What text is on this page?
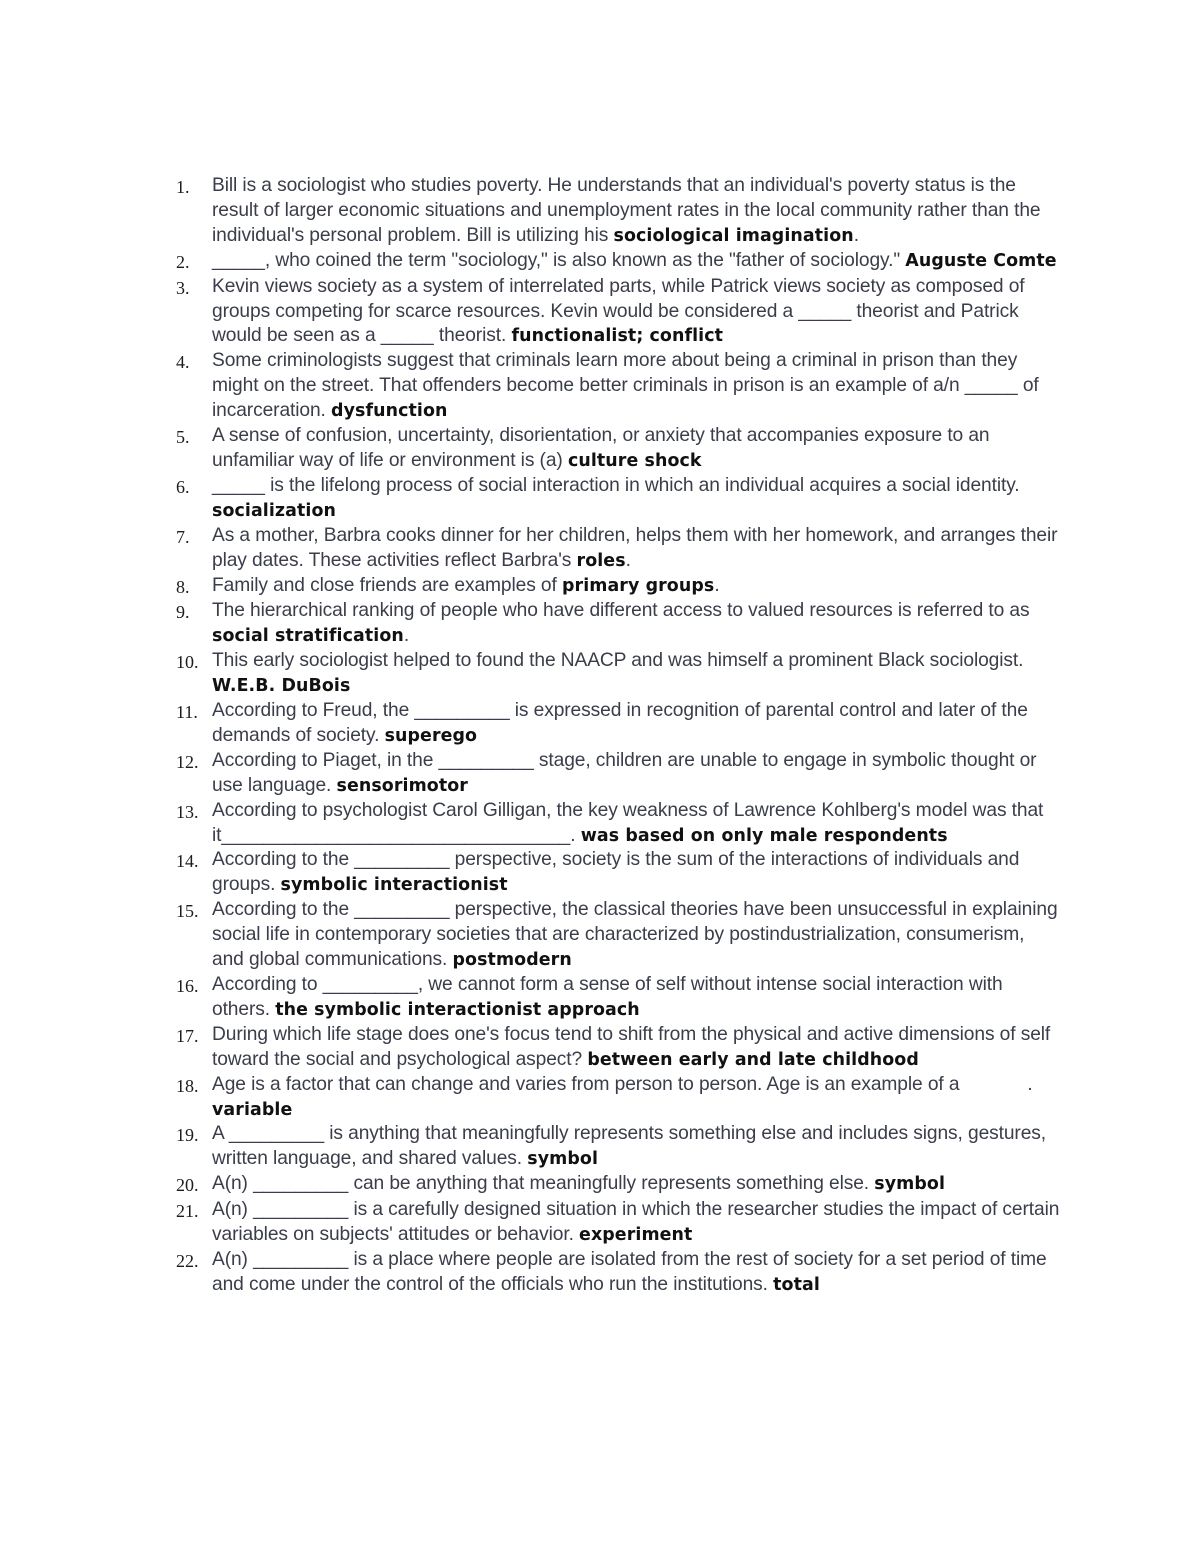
1.	Bill is a sociologist who studies poverty. He understands that an individual's poverty status is the result of larger economic situations and unemployment rates in the local community rather than the individual's personal problem. Bill is utilizing his sociological imagination.
2.	_____, who coined the term "sociology," is also known as the "father of sociology." Auguste Comte
3.	Kevin views society as a system of interrelated parts, while Patrick views society as composed of groups competing for scarce resources. Kevin would be considered a _____ theorist and Patrick would be seen as a _____ theorist. functionalist; conflict
4.	Some criminologists suggest that criminals learn more about being a criminal in prison than they might on the street. That offenders become better criminals in prison is an example of a/n _____ of incarceration. dysfunction
5.	A sense of confusion, uncertainty, disorientation, or anxiety that accompanies exposure to an unfamiliar way of life or environment is (a) culture shock
6.	_____ is the lifelong process of social interaction in which an individual acquires a social identity. socialization
7.	As a mother, Barbra cooks dinner for her children, helps them with her homework, and arranges their play dates. These activities reflect Barbra's roles.
8.	Family and close friends are examples of primary groups.
9.	The hierarchical ranking of people who have different access to valued resources is referred to as social stratification.
10. This early sociologist helped to found the NAACP and was himself a prominent Black sociologist. W.E.B. DuBois
11. According to Freud, the _________ is expressed in recognition of parental control and later of the demands of society. superego
12. According to Piaget, in the _________ stage, children are unable to engage in symbolic thought or use language. sensorimotor
13. According to psychologist Carol Gilligan, the key weakness of Lawrence Kohlberg's model was that it_________________________________. was based on only male respondents
14. According to the _________ perspective, society is the sum of the interactions of individuals and groups. symbolic interactionist
15. According to the _________ perspective, the classical theories have been unsuccessful in explaining social life in contemporary societies that are characterized by postindustrialization, consumerism, and global communications. postmodern
16. According to _________, we cannot form a sense of self without intense social interaction with others. the symbolic interactionist approach
17. During which life stage does one's focus tend to shift from the physical and active dimensions of self toward the social and psychological aspect? between early and late childhood
18. Age is a factor that can change and varies from person to person. Age is an example of a             . variable
19. A _________ is anything that meaningfully represents something else and includes signs, gestures, written language, and shared values. symbol
20. A(n) _________ can be anything that meaningfully represents something else. symbol
21. A(n) _________ is a carefully designed situation in which the researcher studies the impact of certain variables on subjects' attitudes or behavior. experiment
22. A(n) _________ is a place where people are isolated from the rest of society for a set period of time and come under the control of the officials who run the institutions. total
